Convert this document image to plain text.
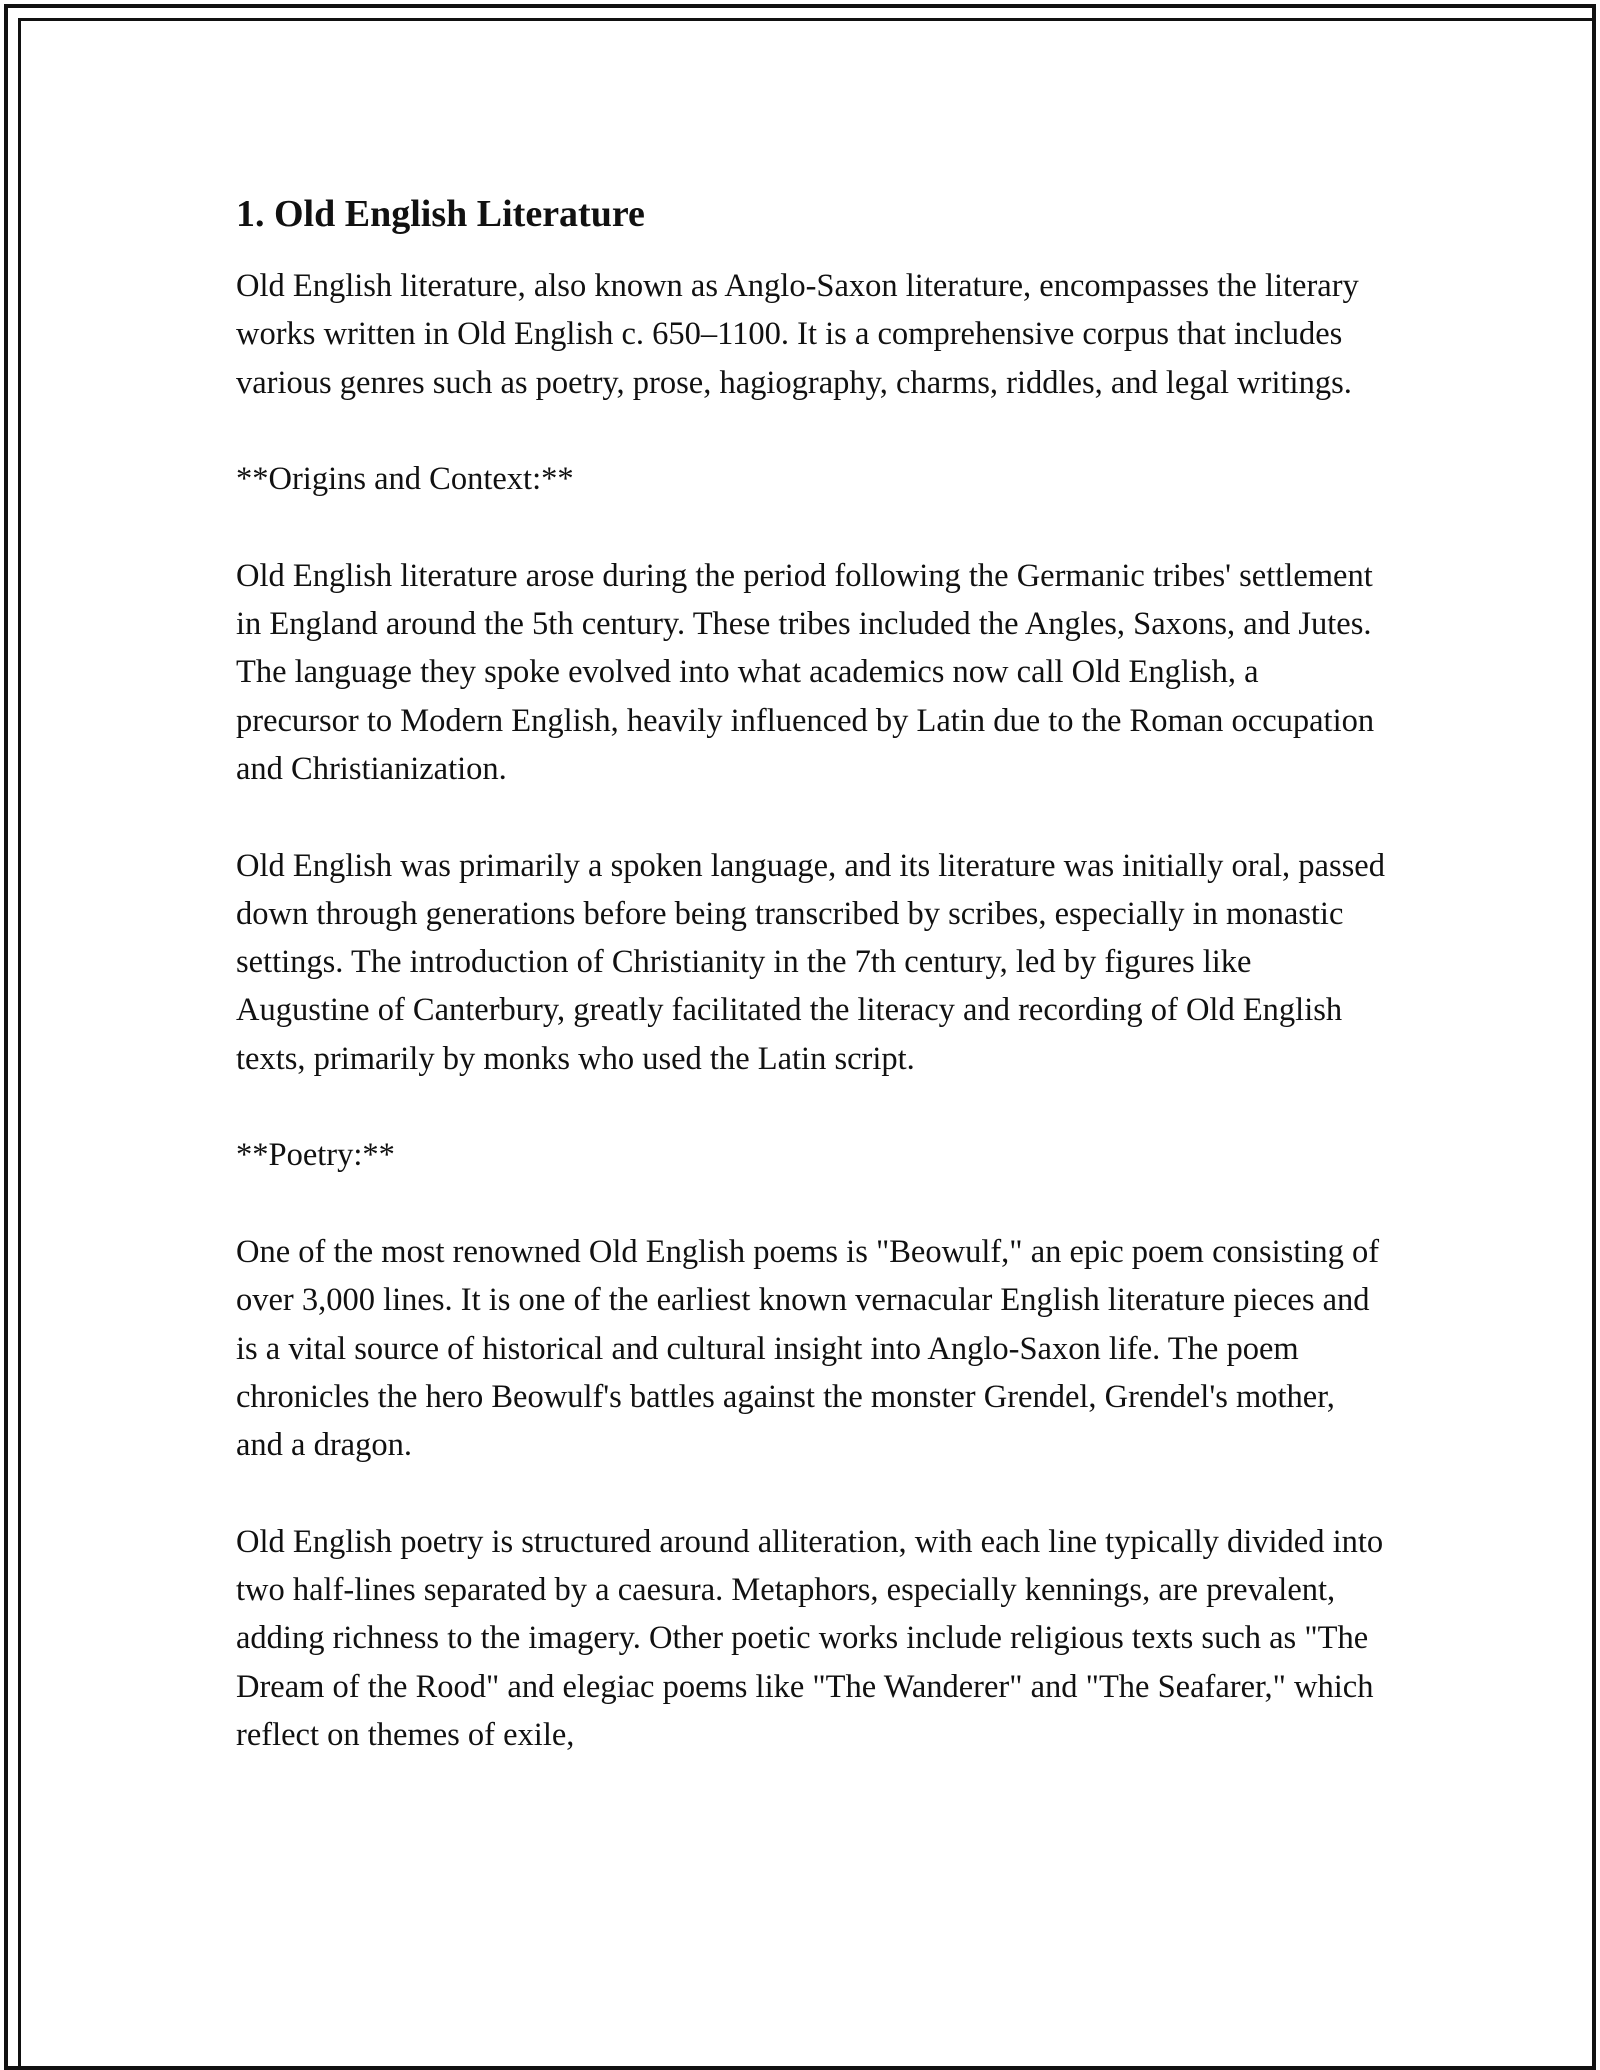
1. Old English Literature

Old English literature, also known as Anglo-Saxon literature, encompasses the literary works written in Old English c. 650–1100. It is a comprehensive corpus that includes various genres such as poetry, prose, hagiography, charms, riddles, and legal writings.

**Origins and Context:**

Old English literature arose during the period following the Germanic tribes' settlement in England around the 5th century. These tribes included the Angles, Saxons, and Jutes. The language they spoke evolved into what academics now call Old English, a precursor to Modern English, heavily influenced by Latin due to the Roman occupation and Christianization.

Old English was primarily a spoken language, and its literature was initially oral, passed down through generations before being transcribed by scribes, especially in monastic settings. The introduction of Christianity in the 7th century, led by figures like Augustine of Canterbury, greatly facilitated the literacy and recording of Old English texts, primarily by monks who used the Latin script.

**Poetry:**

One of the most renowned Old English poems is "Beowulf," an epic poem consisting of over 3,000 lines. It is one of the earliest known vernacular English literature pieces and is a vital source of historical and cultural insight into Anglo-Saxon life. The poem chronicles the hero Beowulf's battles against the monster Grendel, Grendel's mother, and a dragon.

Old English poetry is structured around alliteration, with each line typically divided into two half-lines separated by a caesura. Metaphors, especially kennings, are prevalent, adding richness to the imagery. Other poetic works include religious texts such as "The Dream of the Rood" and elegiac poems like "The Wanderer" and "The Seafarer," which reflect on themes of exile,
